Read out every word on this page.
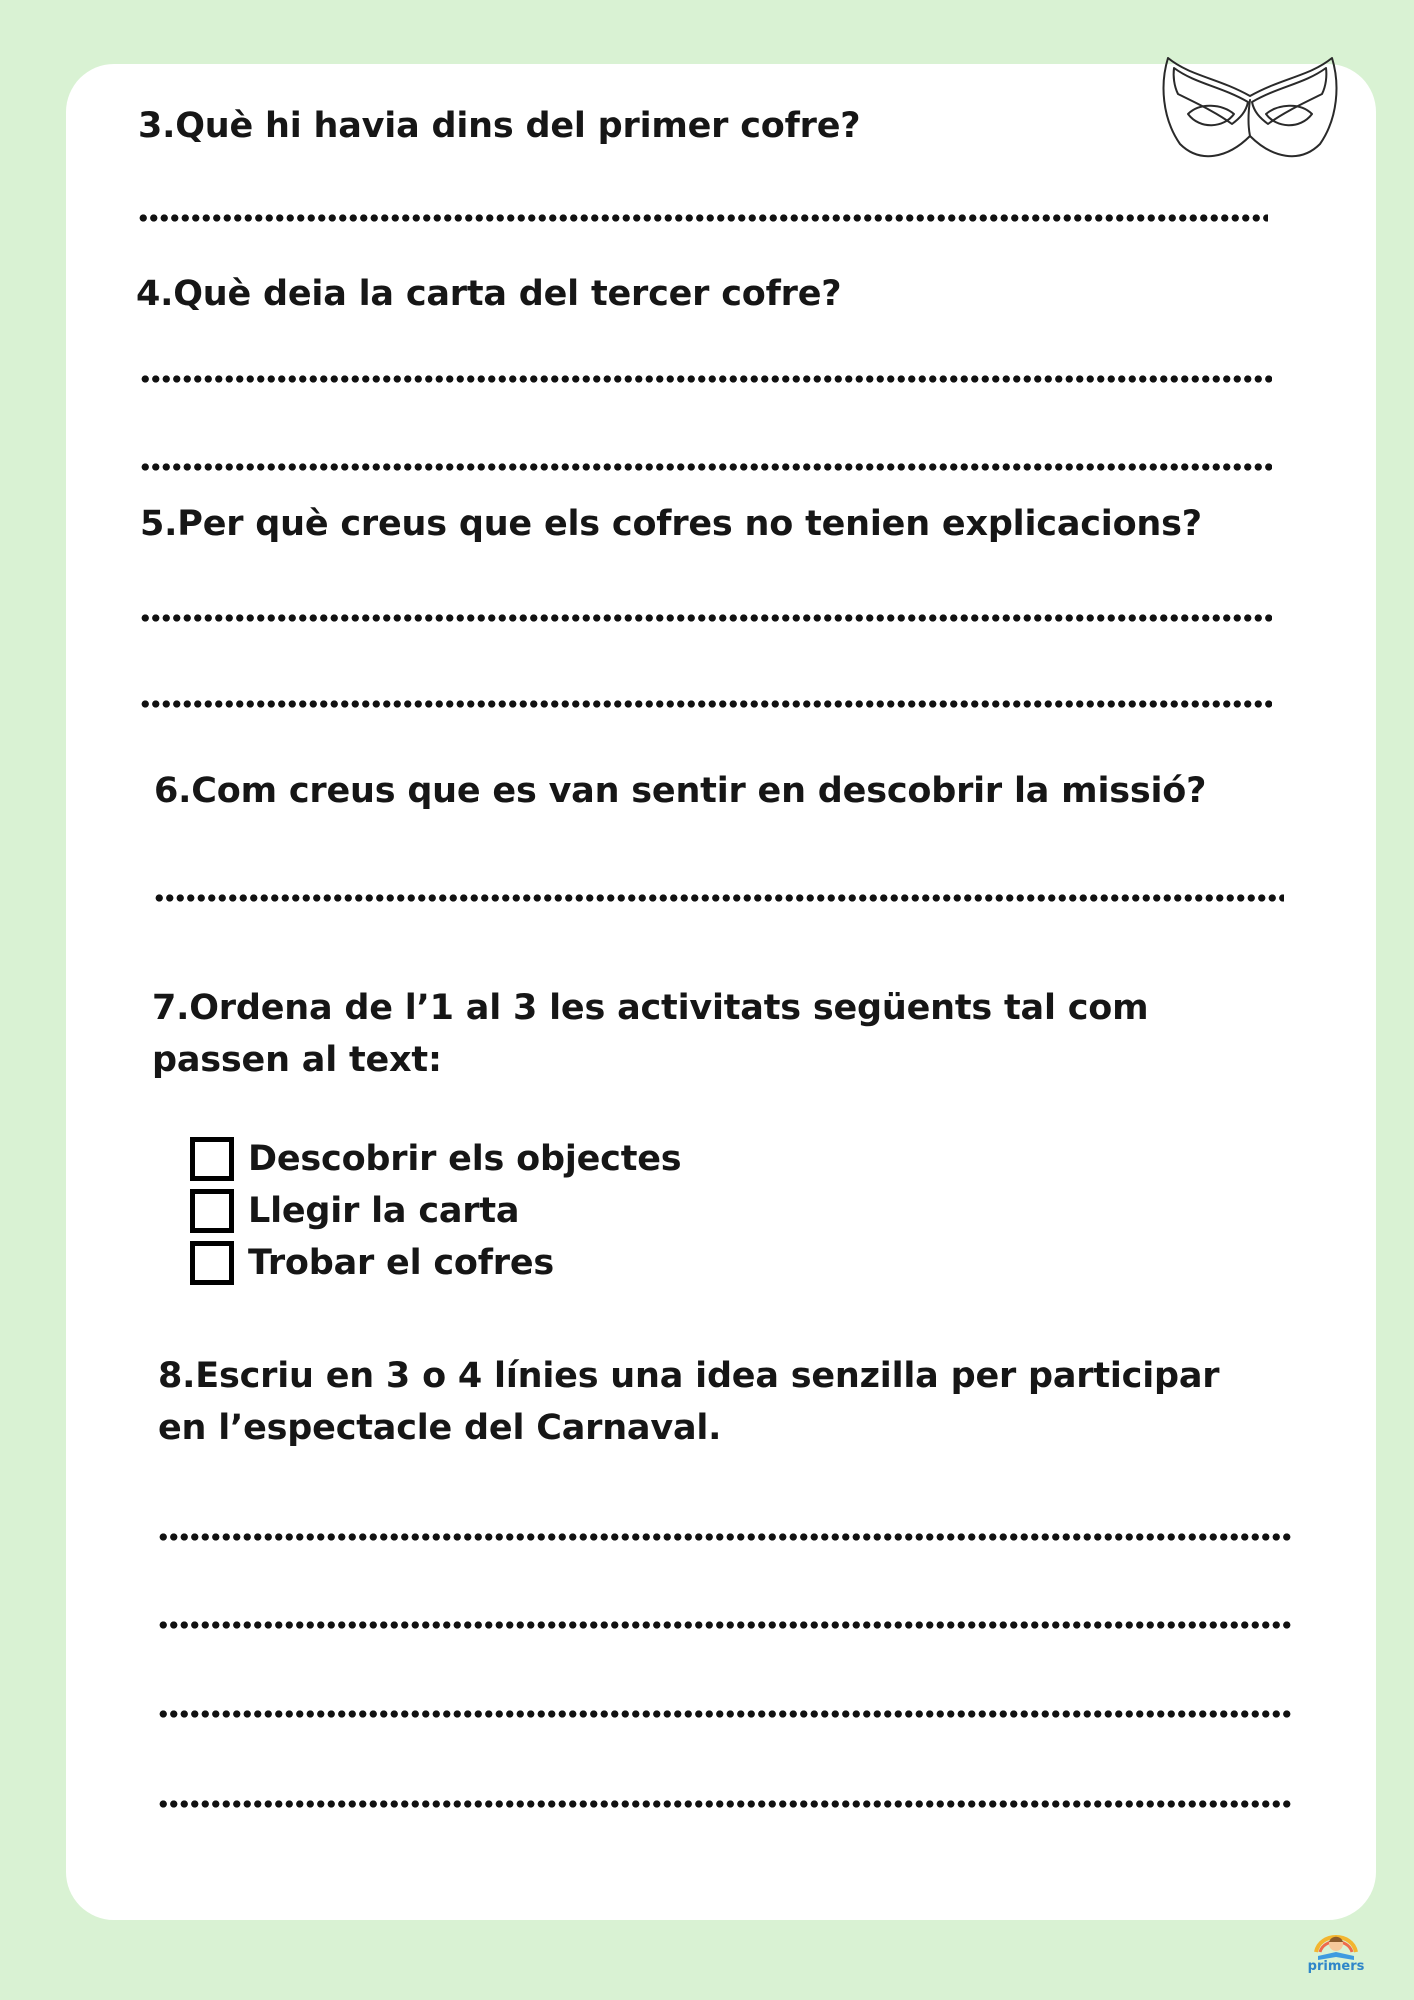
3.Què hi havia dins del primer cofre?

4.Què deia la carta del tercer cofre?

5.Per què creus que els cofres no tenien explicacions?

6.Com creus que es van sentir en descobrir la missió?

7.Ordena de l’1 al 3 les activitats següents tal com passen al text:

Descobrir els objectes
Llegir la carta
Trobar el cofres

8.Escriu en 3 o 4 línies una idea senzilla per participar en l’espectacle del Carnaval.

primers
